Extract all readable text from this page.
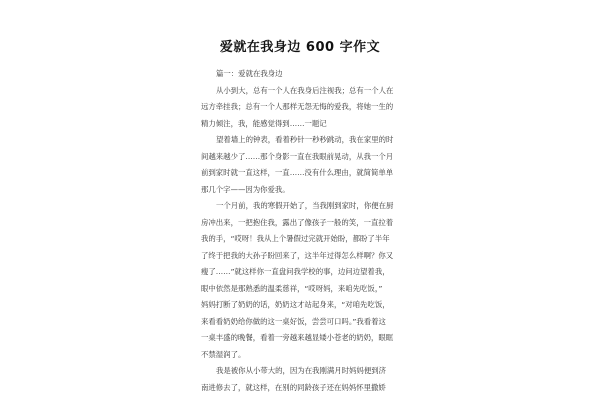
爱就在我身边 600 字作文
篇一：爱就在我身边
从小到大，总有一个人在我身后注视我；总有一个人在
远方牵挂我；总有一个人那样无怨无悔的爱我，将她一生的
精力倾注，我，能感觉得到……一题记
望着墙上的钟表，看着秒针一秒秒跳动，我在家里的时
间越来越少了……那个身影一直在我眼前晃动，从我一个月
前到家时就一直这样，一直……没有什么理由，就简简单单
那几个字——因为你爱我。
一个月前，我的寒假开始了，当我刚到家时，你便在厨
房冲出来，一把抱住我，露出了像孩子一般的笑，一直拉着
我的手，“哎呀！我从上个暑假过完就开始盼，都盼了半年
了终于把我的大孙子盼回来了，这半年过得怎么样啊？你又
瘦了……”就这样你一直盘问我学校的事，边问边望着我，
眼中依然是那熟悉的温柔慈祥，“哎呀妈，来咱先吃饭，”
妈妈打断了奶奶的话，奶奶这才站起身来，“对咱先吃饭，
来看看奶奶给你做的这一桌好饭，尝尝可口吗。”我看着这
一桌丰盛的晚餐，看着一旁越来越显矮小苍老的奶奶，眼眶
不禁湿润了。
我是被你从小带大的，因为在我刚满月时妈妈便到济
南进修去了，就这样，在别的同龄孩子还在妈妈怀里撒娇
